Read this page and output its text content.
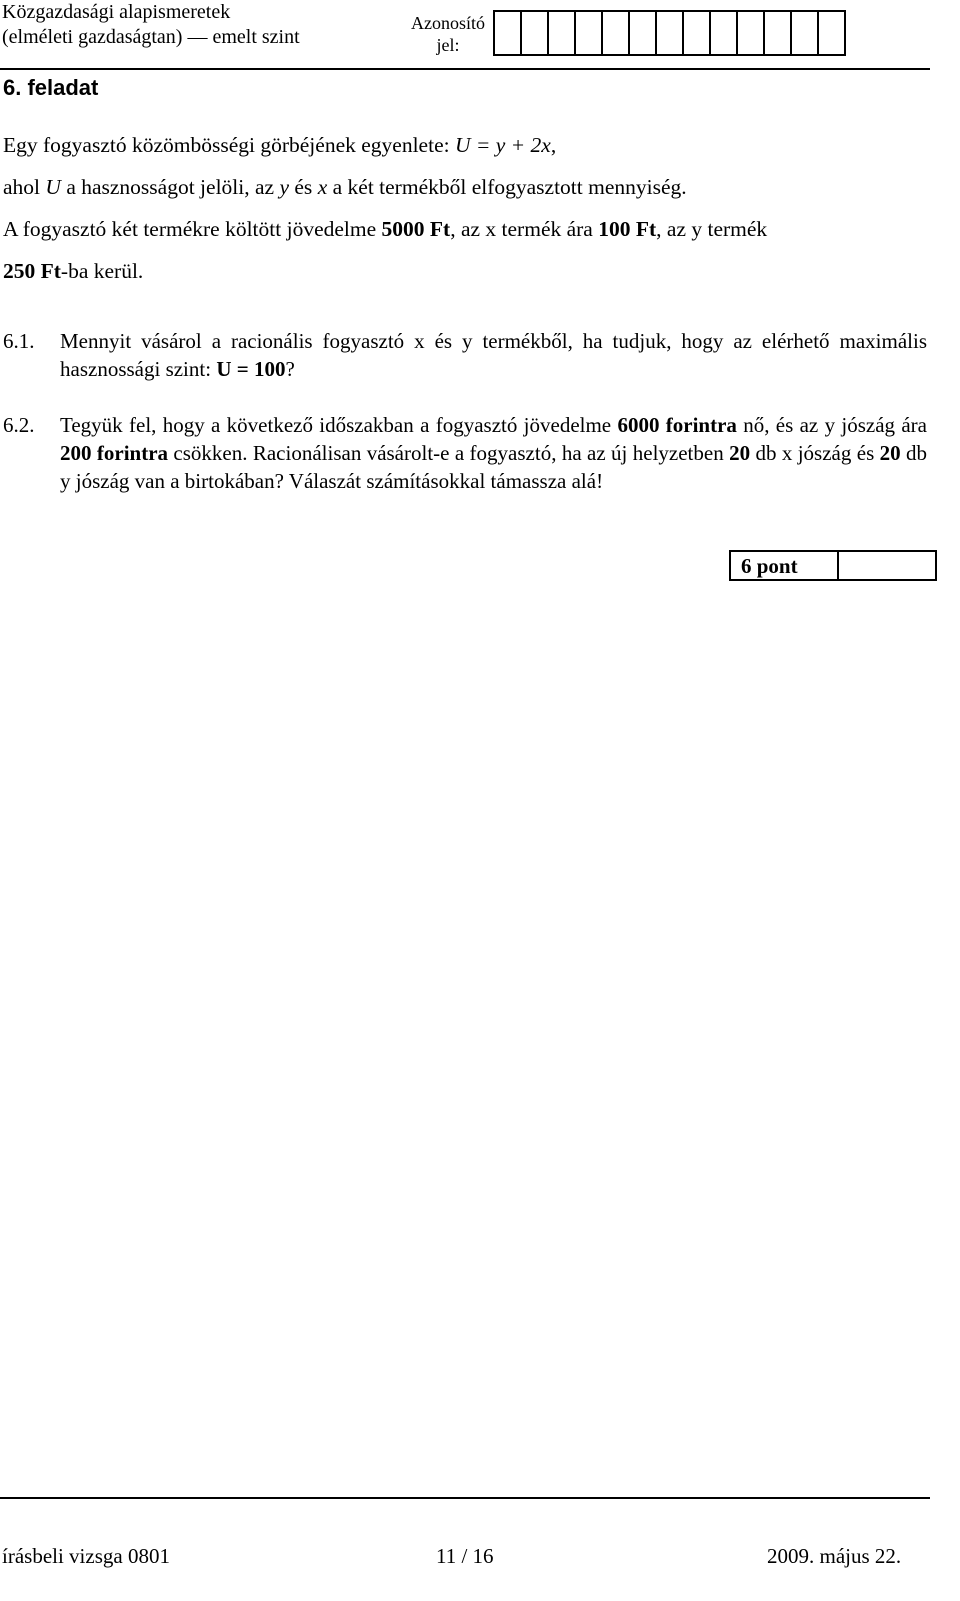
Közgazdasági alapismeretek
(elméleti gazdaságtan) — emelt szint
Azonosító
jel:
6. feladat
Egy fogyasztó közömbösségi görbéjének egyenlete: U = y + 2x,
ahol U a hasznosságot jelöli, az y és x a két termékből elfogyasztott mennyiség.
A fogyasztó két termékre költött jövedelme 5000 Ft, az x termék ára 100 Ft, az y termék
250 Ft-ba kerül.
6.1.	Mennyit vásárol a racionális fogyasztó x és y termékből, ha tudjuk, hogy az elérhető maximális hasznossági szint: U = 100?
6.2.	Tegyük fel, hogy a következő időszakban a fogyasztó jövedelme 6000 forintra nő, és az y jószág ára 200 forintra csökken. Racionálisan vásárolt-e a fogyasztó, ha az új helyzetben 20 db x jószág és 20 db y jószág van a birtokában? Válaszát számításokkal támassza alá!
6 pont
írásbeli vizsga 0801	11 / 16	2009. május 22.
